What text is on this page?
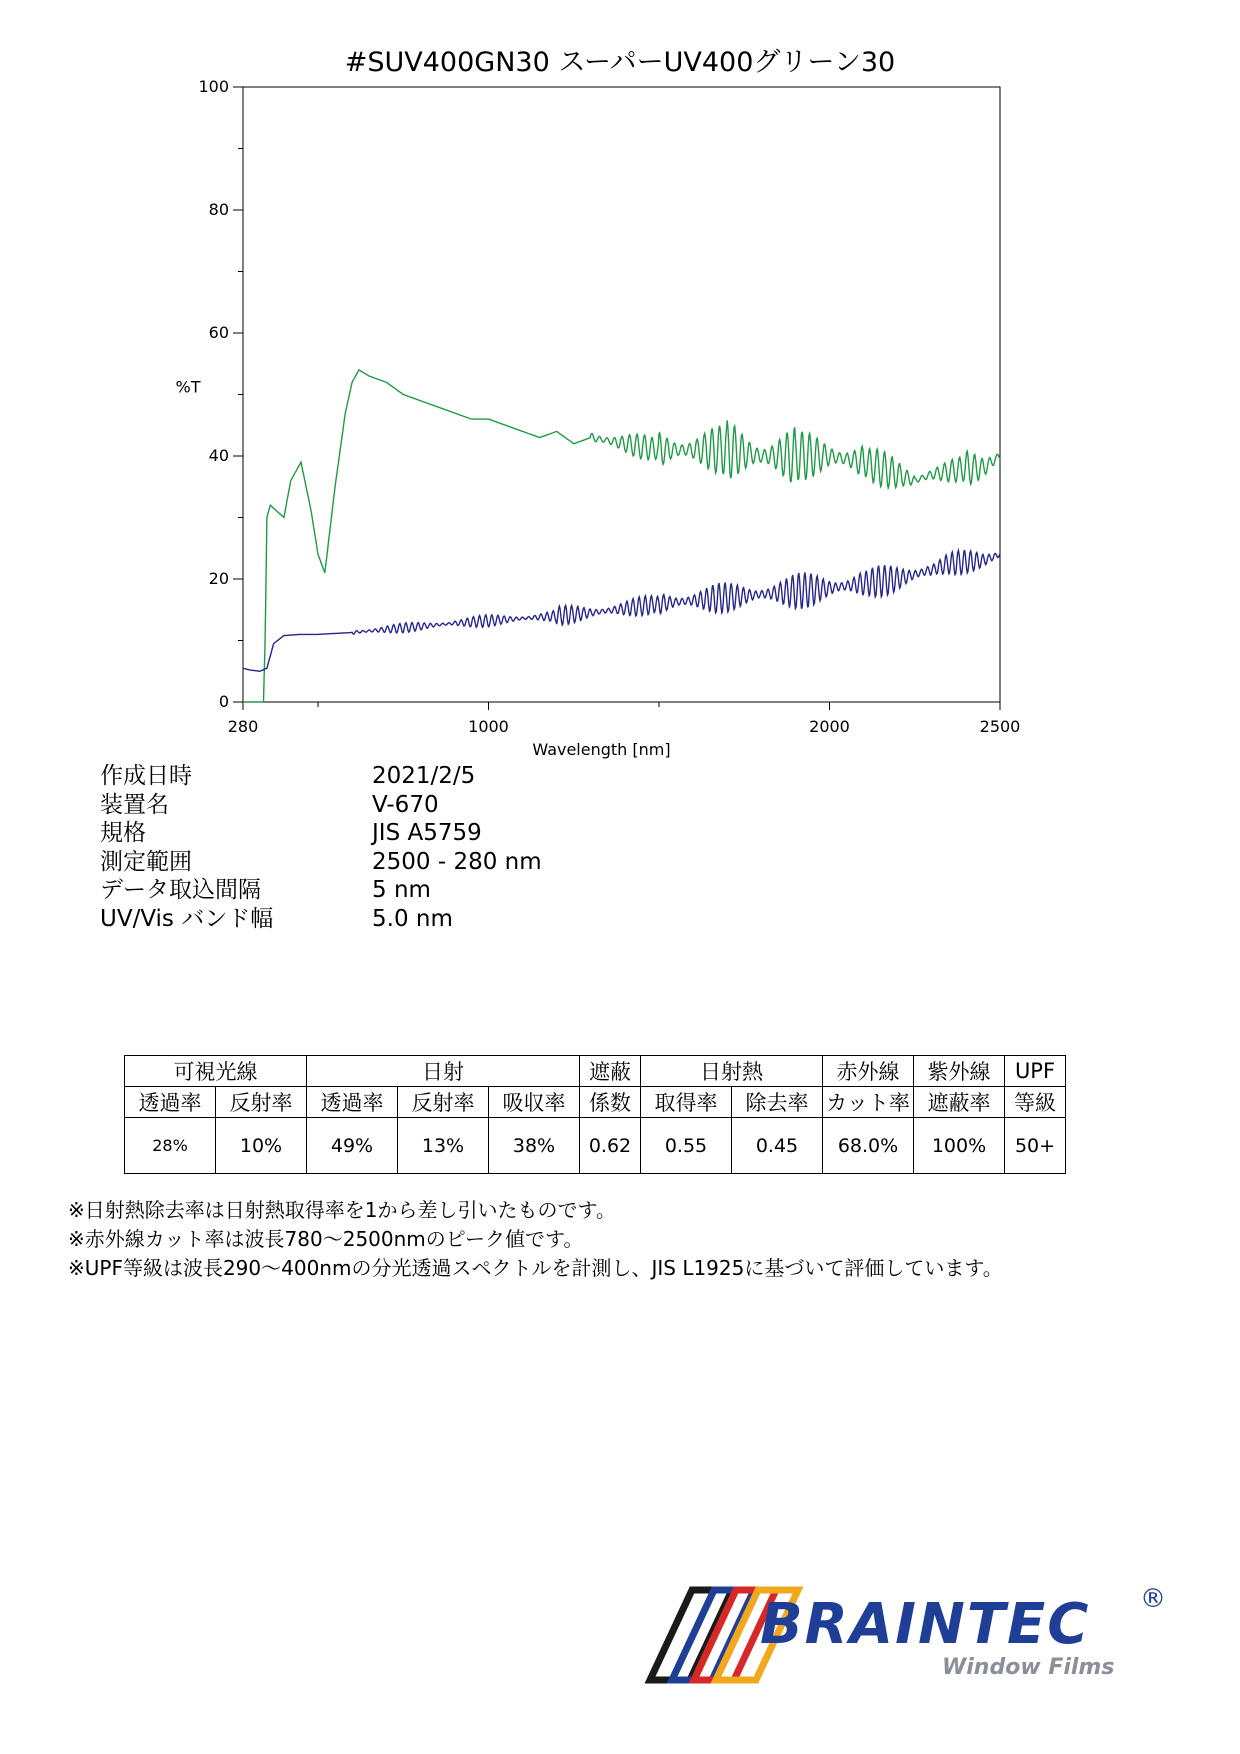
#SUV400GN30 スーパーUV400グリーン30
0
20
40
60
80
100
280	1000	2000	2500
Wavelength [nm]
%T
作成日時	2021/2/5
装置名	V-670
規格	JIS A5759
測定範囲	2500 - 280 nm
データ取込間隔	5 nm
UV/Vis バンド幅	5.0 nm
可視光線		日射			遮蔽	日射熱		赤外線	紫外線	UPF
透過率	反射率	透過率	反射率	吸収率	係数	取得率	除去率	カット率	遮蔽率	等級
28%	10%	49%	13%	38%	0.62	0.55	0.45	68.0%	100%	50+
※日射熱除去率は日射熱取得率を1から差し引いたものです。
※赤外線カット率は波長780〜2500nmのピーク値です。
※UPF等級は波長290〜400nmの分光透過スペクトルを計測し、JIS L1925に基づいて評価しています。
BRAINTEC ®
Window Films
